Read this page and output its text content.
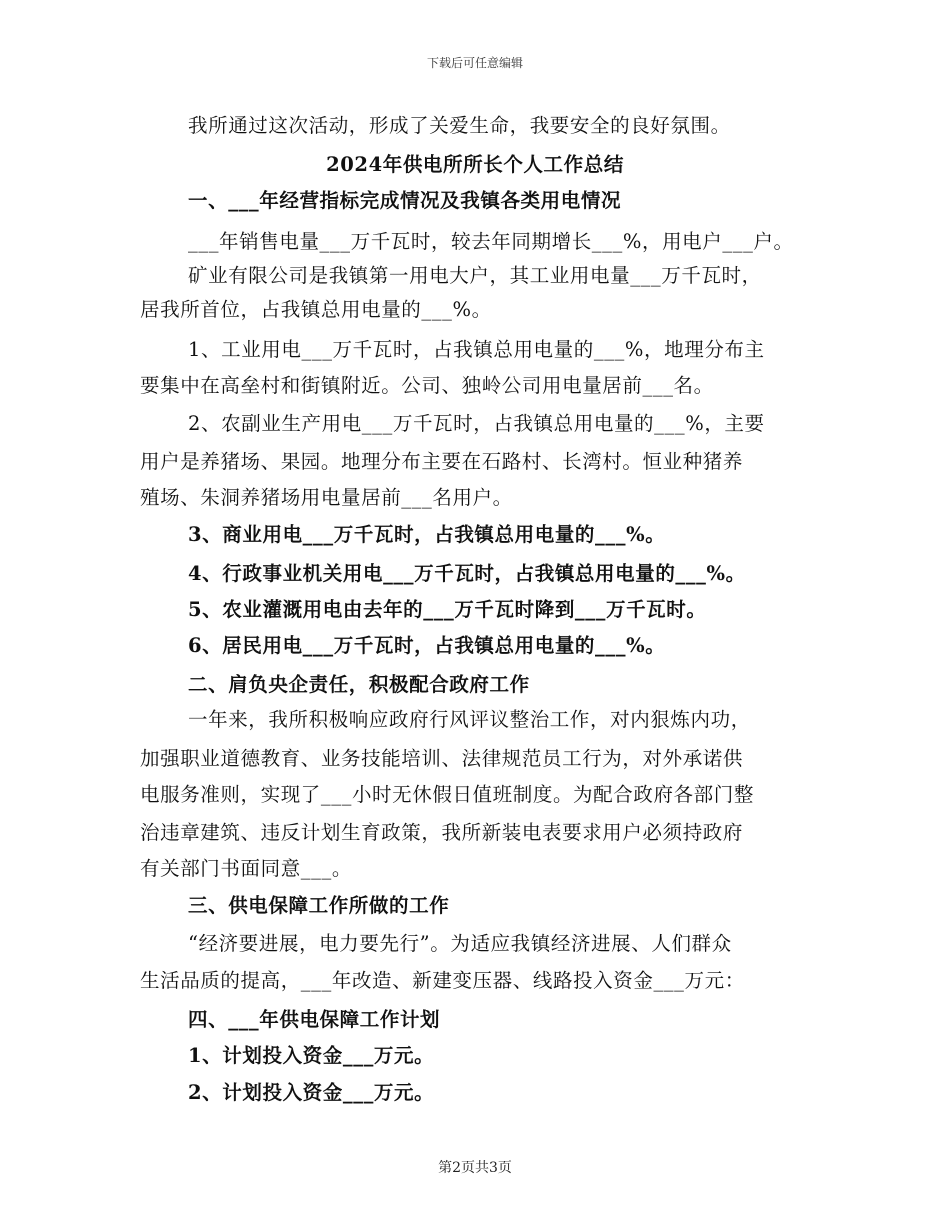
下载后可任意编辑
我所通过这次活动，形成了关爱生命，我要安全的良好氛围。
2024年供电所所长个人工作总结
一、___年经营指标完成情况及我镇各类用电情况
___年销售电量___万千瓦时，较去年同期增长___%，用电户___户。
矿业有限公司是我镇第一用电大户，其工业用电量___万千瓦时，
居我所首位，占我镇总用电量的___%。
1、工业用电___万千瓦时，占我镇总用电量的___%，地理分布主
要集中在高垒村和街镇附近。公司、独岭公司用电量居前___名。
2、农副业生产用电___万千瓦时，占我镇总用电量的___%，主要
用户是养猪场、果园。地理分布主要在石路村、长湾村。恒业种猪养
殖场、朱洞养猪场用电量居前___名用户。
3、商业用电___万千瓦时，占我镇总用电量的___%。
4、行政事业机关用电___万千瓦时，占我镇总用电量的___%。
5、农业灌溉用电由去年的___万千瓦时降到___万千瓦时。
6、居民用电___万千瓦时，占我镇总用电量的___%。
二、肩负央企责任，积极配合政府工作
一年来，我所积极响应政府行风评议整治工作，对内狠炼内功，
加强职业道德教育、业务技能培训、法律规范员工行为，对外承诺供
电服务准则，实现了___小时无休假日值班制度。为配合政府各部门整
治违章建筑、违反计划生育政策，我所新装电表要求用户必须持政府
有关部门书面同意___。
三、供电保障工作所做的工作
“经济要进展，电力要先行”。为适应我镇经济进展、人们群众
生活品质的提高，___年改造、新建变压器、线路投入资金___万元：
四、___年供电保障工作计划
1、计划投入资金___万元。
2、计划投入资金___万元。
第2页共3页
